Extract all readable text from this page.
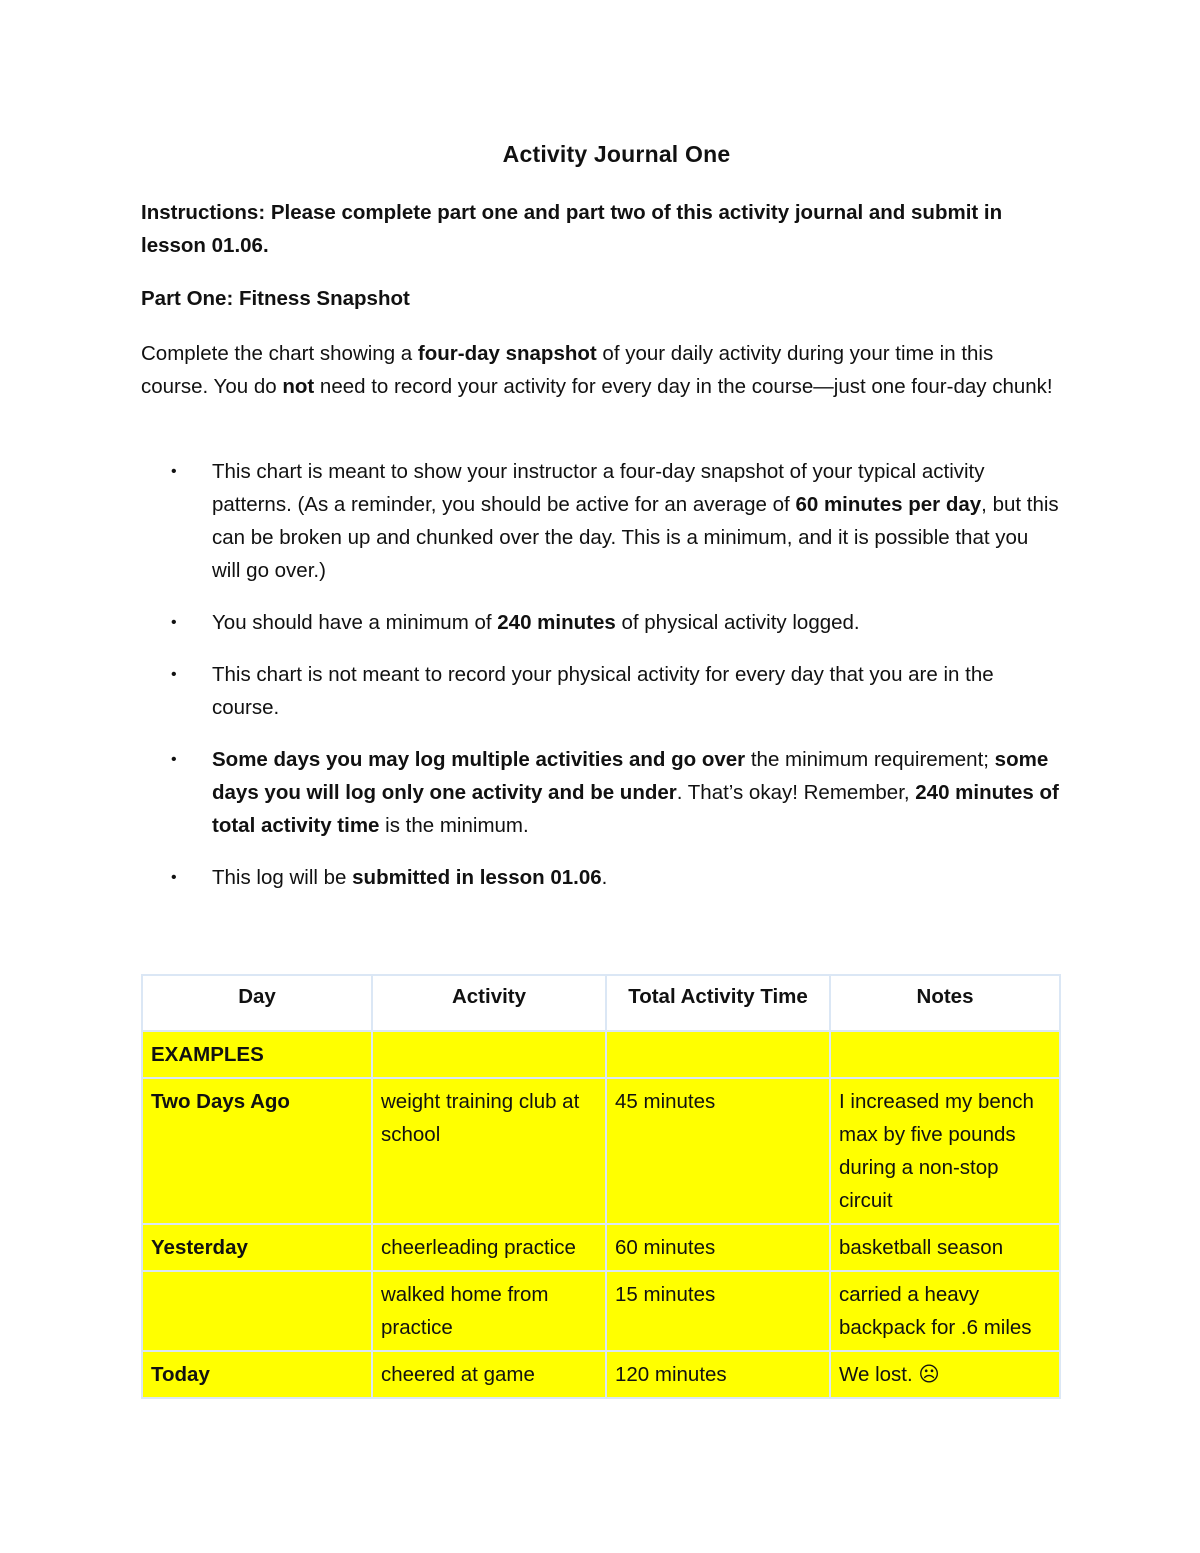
Activity Journal One
Instructions: Please complete part one and part two of this activity journal and submit in lesson 01.06.
Part One: Fitness Snapshot
Complete the chart showing a four-day snapshot of your daily activity during your time in this course. You do not need to record your activity for every day in the course—just one four-day chunk!
• This chart is meant to show your instructor a four-day snapshot of your typical activity patterns. (As a reminder, you should be active for an average of 60 minutes per day, but this can be broken up and chunked over the day. This is a minimum, and it is possible that you will go over.)
• You should have a minimum of 240 minutes of physical activity logged.
• This chart is not meant to record your physical activity for every day that you are in the course.
• Some days you may log multiple activities and go over the minimum requirement; some days you will log only one activity and be under. That’s okay! Remember, 240 minutes of total activity time is the minimum.
• This log will be submitted in lesson 01.06.
Day	Activity	Total Activity Time	Notes
EXAMPLES			
Two Days Ago	weight training club at school	45 minutes	I increased my bench max by five pounds during a non-stop circuit
Yesterday	cheerleading practice	60 minutes	basketball season
	walked home from practice	15 minutes	carried a heavy backpack for .6 miles
Today	cheered at game	120 minutes	We lost. ☹
